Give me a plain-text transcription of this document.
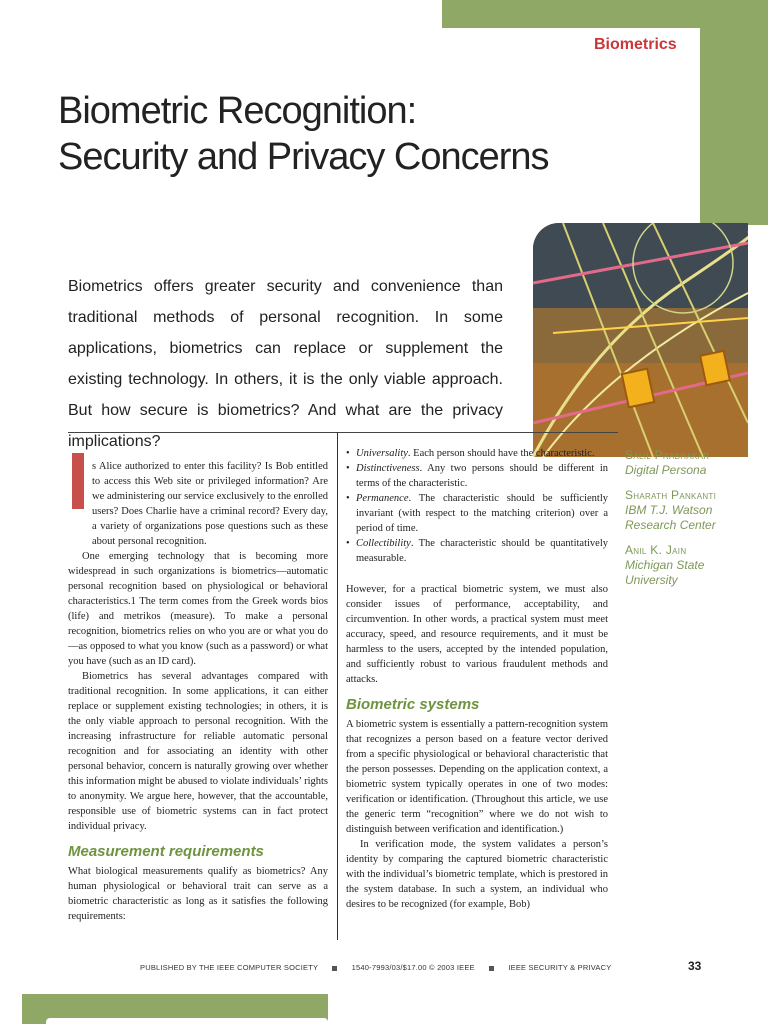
Biometrics
Biometric Recognition:
Security and Privacy Concerns

Biometrics offers greater security and convenience than traditional methods of personal recognition. In some applications, biometrics can replace or supplement the existing technology. In others, it is the only viable approach. But how secure is biometrics? And what are the privacy implications?

s Alice authorized to enter this facility? Is Bob entitled to access this Web site or privileged information? Are we administering our service exclusively to the enrolled users? Does Charlie have a criminal record? Every day, a variety of organizations pose questions such as these about personal recognition.

One emerging technology that is becoming more widespread in such organizations is biometrics—automatic personal recognition based on physiological or behavioral characteristics.1 The term comes from the Greek words bios (life) and metrikos (measure). To make a personal recognition, biometrics relies on who you are or what you do—as opposed to what you know (such as a password) or what you have (such as an ID card).

Biometrics has several advantages compared with traditional recognition. In some applications, it can either replace or supplement existing technologies; in others, it is the only viable approach to personal recognition. With the increasing infrastructure for reliable automatic personal recognition and for associating an identity with other personal behavior, concern is naturally growing over whether this information might be abused to violate individuals’ rights to anonymity. We argue here, however, that the accountable, responsible use of biometric systems can in fact protect individual privacy.

Measurement requirements

What biological measurements qualify as biometrics? Any human physiological or behavioral trait can serve as a biometric characteristic as long as it satisfies the following requirements:

• Universality. Each person should have the characteristic.
• Distinctiveness. Any two persons should be different in terms of the characteristic.
• Permanence. The characteristic should be sufficiently invariant (with respect to the matching criterion) over a period of time.
• Collectibility. The characteristic should be quantitatively measurable.

However, for a practical biometric system, we must also consider issues of performance, acceptability, and circumvention. In other words, a practical system must meet accuracy, speed, and resource requirements, and it must be harmless to the users, accepted by the intended population, and sufficiently robust to various fraudulent methods and attacks.

Biometric systems

A biometric system is essentially a pattern-recognition system that recognizes a person based on a feature vector derived from a specific physiological or behavioral characteristic that the person possesses. Depending on the application context, a biometric system typically operates in one of two modes: verification or identification. (Throughout this article, we use the generic term “recognition” where we do not wish to distinguish between verification and identification.)

In verification mode, the system validates a person’s identity by comparing the captured biometric characteristic with the individual’s biometric template, which is prestored in the system database. In such a system, an individual who desires to be recognized (for example, Bob)

Salil Prabhakar
Digital Persona
Sharath Pankanti
IBM T.J. Watson Research Center
Anil K. Jain
Michigan State University
PUBLISHED BY THE IEEE COMPUTER SOCIETY	1540-7993/03/$17.00 © 2003 IEEE	IEEE SECURITY & PRIVACY	33
